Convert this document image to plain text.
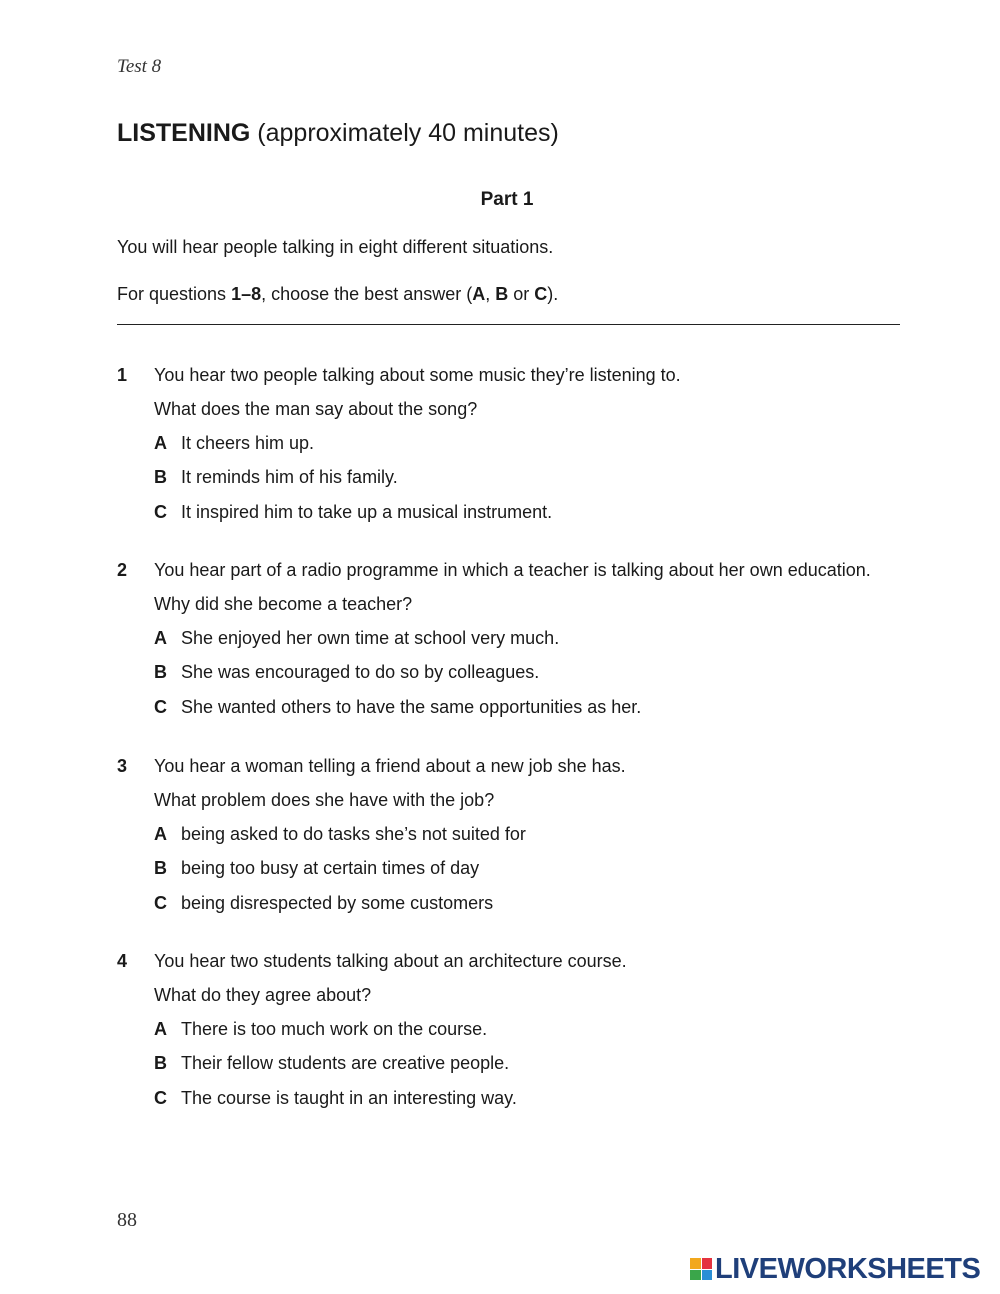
Test 8
LISTENING (approximately 40 minutes)
Part 1
You will hear people talking in eight different situations.
For questions 1–8, choose the best answer (A, B or C).
1 You hear two people talking about some music they’re listening to.
What does the man say about the song?
A It cheers him up.
B It reminds him of his family.
C It inspired him to take up a musical instrument.
2 You hear part of a radio programme in which a teacher is talking about her own education.
Why did she become a teacher?
A She enjoyed her own time at school very much.
B She was encouraged to do so by colleagues.
C She wanted others to have the same opportunities as her.
3 You hear a woman telling a friend about a new job she has.
What problem does she have with the job?
A being asked to do tasks she’s not suited for
B being too busy at certain times of day
C being disrespected by some customers
4 You hear two students talking about an architecture course.
What do they agree about?
A There is too much work on the course.
B Their fellow students are creative people.
C The course is taught in an interesting way.
88
LIVEWORKSHEETS
